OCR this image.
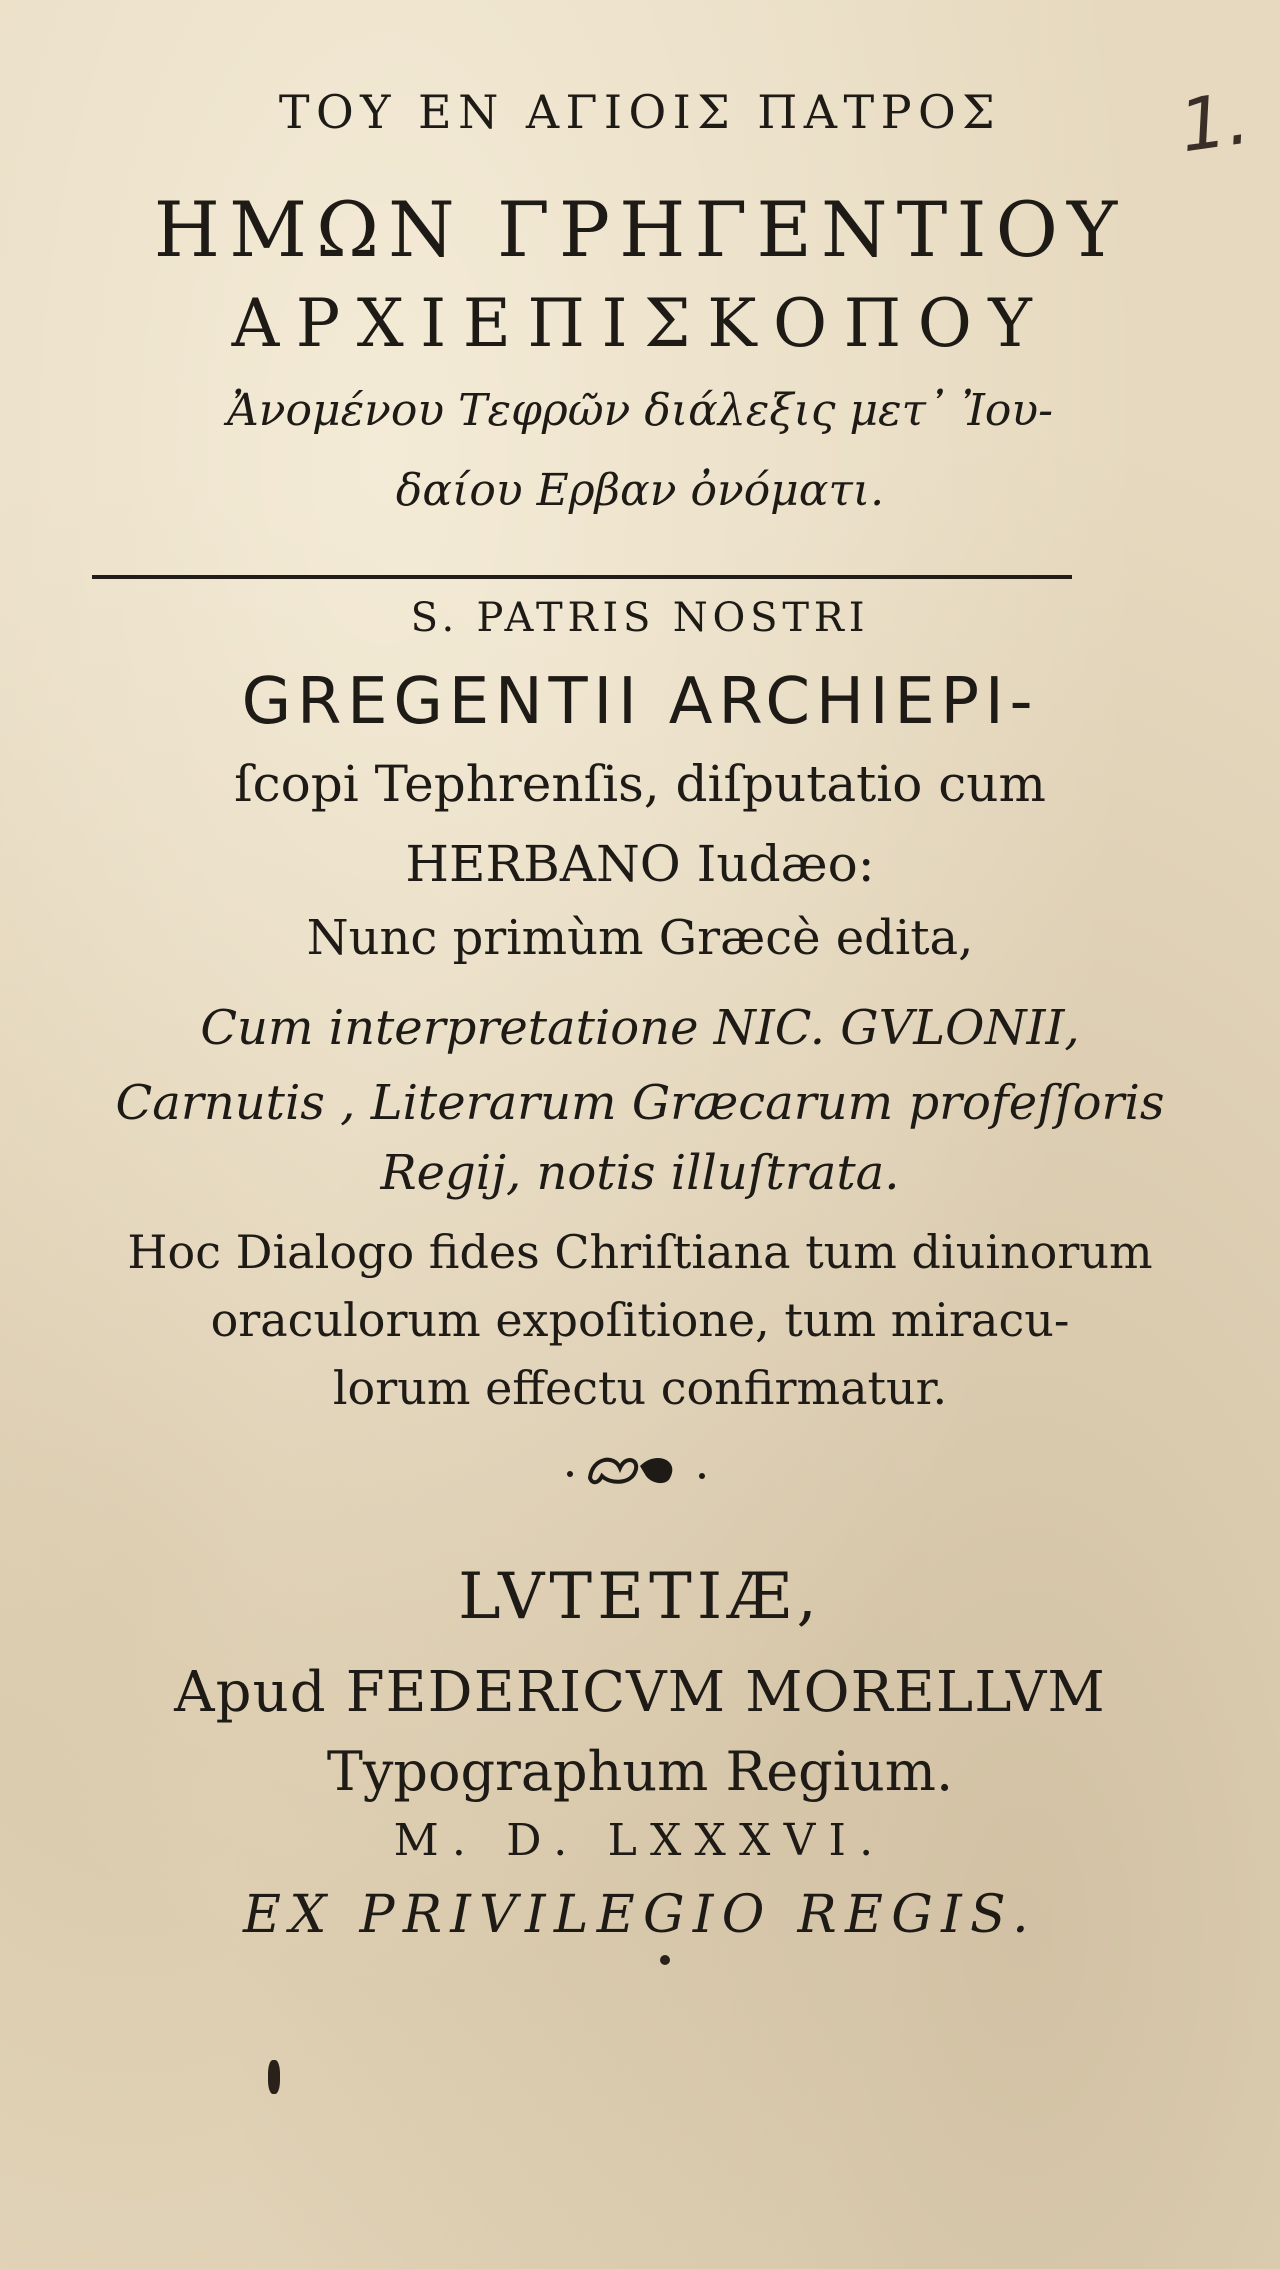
1.
ΤΟΥ ΕΝ ΑΓΙΟΙΣ ΠΑΤΡΟΣ
ΗΜΩΝ ΓΡΗΓΕΝΤΙΟΥ
ΑΡΧΙΕΠΙΣΚΟΠΟΥ
Ἀνομένου Τεφρῶν διάλεξις μετ᾿ Ἰου-
δαίου Ερβαν ὀνόματι.
S. PATRIS NOSTRI
GREGENTII ARCHIEPI-
ſcopi Tephrenſis, diſputatio cum
HERBANO Iudæo:
Nunc primùm Græcè edita,
Cum interpretatione NIC. GVLONII,
Carnutis , Literarum Græcarum profeſſoris
Regij, notis illuſtrata.
Hoc Dialogo fides Chriſtiana tum diuinorum
oraculorum expoſitione, tum miracu-
lorum effectu confirmatur.
LVTETIÆ,
Apud FEDERICVM MORELLVM
Typographum Regium.
M. D. LXXXVI.
EX PRIVILEGIO REGIS.
